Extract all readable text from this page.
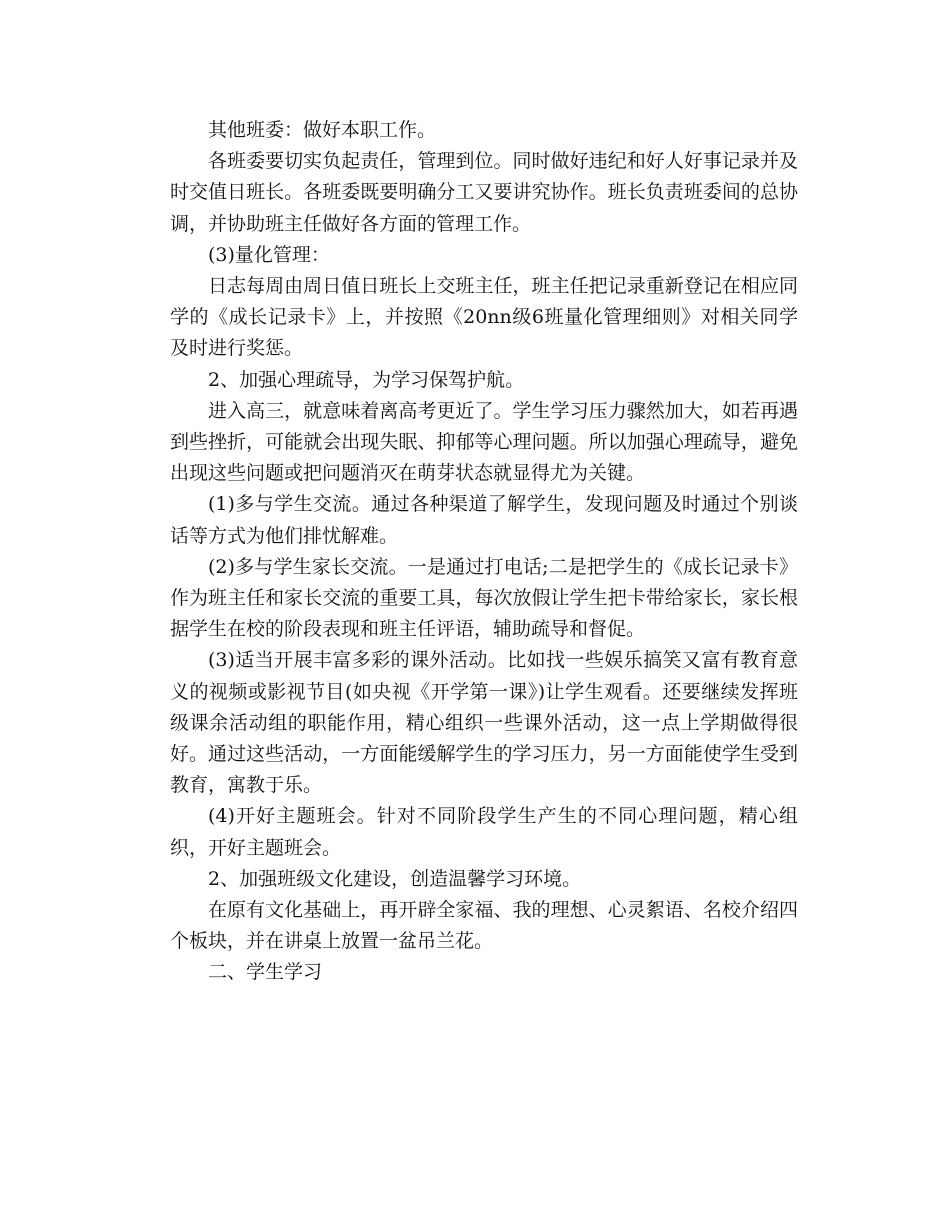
其他班委：做好本职工作。

各班委要切实负起责任，管理到位。同时做好违纪和好人好事记录并及时交值日班长。各班委既要明确分工又要讲究协作。班长负责班委间的总协调，并协助班主任做好各方面的管理工作。

(3)量化管理：

日志每周由周日值日班长上交班主任，班主任把记录重新登记在相应同学的《成长记录卡》上，并按照《20nn级6班量化管理细则》对相关同学及时进行奖惩。

2、加强心理疏导，为学习保驾护航。

进入高三，就意味着离高考更近了。学生学习压力骤然加大，如若再遇到些挫折，可能就会出现失眠、抑郁等心理问题。所以加强心理疏导，避免出现这些问题或把问题消灭在萌芽状态就显得尤为关键。

(1)多与学生交流。通过各种渠道了解学生，发现问题及时通过个别谈话等方式为他们排忧解难。

(2)多与学生家长交流。一是通过打电话;二是把学生的《成长记录卡》作为班主任和家长交流的重要工具，每次放假让学生把卡带给家长，家长根据学生在校的阶段表现和班主任评语，辅助疏导和督促。

(3)适当开展丰富多彩的课外活动。比如找一些娱乐搞笑又富有教育意义的视频或影视节目(如央视《开学第一课》)让学生观看。还要继续发挥班级课余活动组的职能作用，精心组织一些课外活动，这一点上学期做得很好。通过这些活动，一方面能缓解学生的学习压力，另一方面能使学生受到教育，寓教于乐。

(4)开好主题班会。针对不同阶段学生产生的不同心理问题，精心组织，开好主题班会。

2、加强班级文化建设，创造温馨学习环境。

在原有文化基础上，再开辟全家福、我的理想、心灵絮语、名校介绍四个板块，并在讲桌上放置一盆吊兰花。

二、学生学习
